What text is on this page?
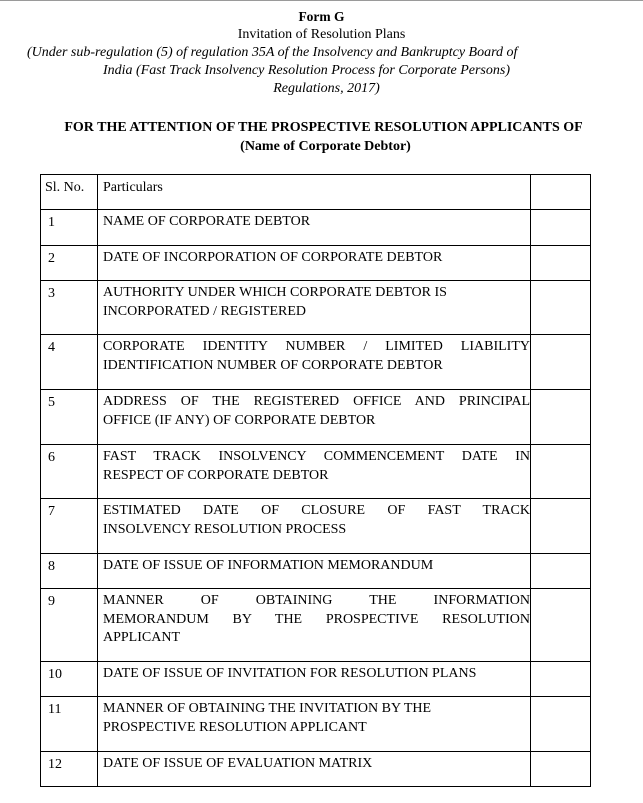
Form G
Invitation of Resolution Plans
(Under sub-regulation (5) of regulation 35A of the Insolvency and Bankruptcy Board of
India (Fast Track Insolvency Resolution Process for Corporate Persons)
Regulations, 2017)
FOR THE ATTENTION OF THE PROSPECTIVE RESOLUTION APPLICANTS OF
(Name of Corporate Debtor)
Sl. No.	Particulars	
1	NAME OF CORPORATE DEBTOR	

2	DATE OF INCORPORATION OF CORPORATE DEBTOR	

3	AUTHORITY UNDER WHICH CORPORATE DEBTOR IS
INCORPORATED / REGISTERED	

4	CORPORATE IDENTITY NUMBER / LIMITED LIABILITY
IDENTIFICATION NUMBER OF CORPORATE DEBTOR	

5	ADDRESS OF THE REGISTERED OFFICE AND PRINCIPAL
OFFICE (IF ANY) OF CORPORATE DEBTOR	

6	FAST TRACK INSOLVENCY COMMENCEMENT DATE IN
RESPECT OF CORPORATE DEBTOR	

7	ESTIMATED DATE OF CLOSURE OF FAST TRACK
INSOLVENCY RESOLUTION PROCESS	

8	DATE OF ISSUE OF INFORMATION MEMORANDUM	

9	MANNER OF OBTAINING THE INFORMATION
MEMORANDUM BY THE PROSPECTIVE RESOLUTION
APPLICANT	

10	DATE OF ISSUE OF INVITATION FOR RESOLUTION PLANS	

11	MANNER OF OBTAINING THE INVITATION BY THE
PROSPECTIVE RESOLUTION APPLICANT	

12	DATE OF ISSUE OF EVALUATION MATRIX	
